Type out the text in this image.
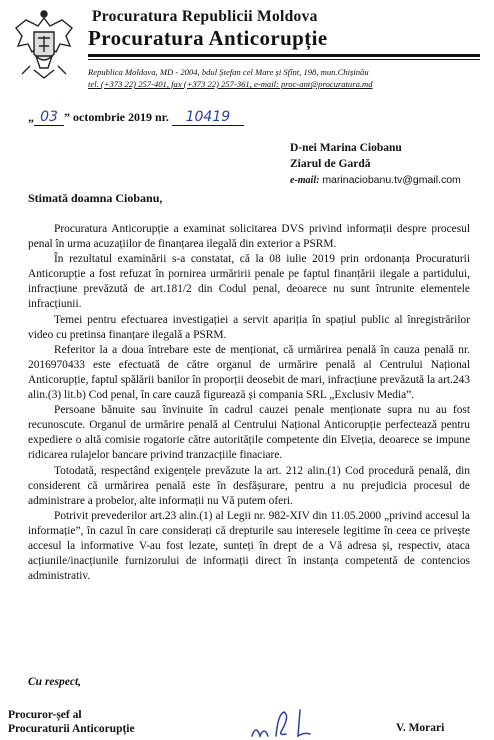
Procuratura Republicii Moldova
Procuratura Anticorupție
Republica Moldova, MD - 2004, bdul Ștefan cel Mare și Sfînt, 198, mun.Chișinău
tel. (+373 22) 257-401, fax (+373 22) 257-361, e-mail: proc-ant@procuratura.md
„ 03 ” octombrie 2019 nr. 10419
D-nei Marina Ciobanu
Ziarul de Gardă
e-mail: marinaciobanu.tv@gmail.com
Stimată doamna Ciobanu,

Procuratura Anticorupție a examinat solicitarea DVS privind informații despre procesul penal în urma acuzațiilor de finanțarea ilegală din exterior a PSRM.

În rezultatul examinării s-a constatat, că la 08 iulie 2019 prin ordonanța Procuraturii Anticorupție a fost refuzat în pornirea urmăririi penale pe faptul finanțării ilegale a partidului, infracțiune prevăzută de art.181/2 din Codul penal, deoarece nu sunt întrunite elementele infracțiunii.

Temei pentru efectuarea investigației a servit apariția în spațiul public al înregistrărilor video cu pretinsa finanțare ilegală a PSRM.

Referitor la a doua întrebare este de menționat, că urmărirea penală în cauza penală nr. 2016970433 este efectuată de către organul de urmărire penală al Centrului Național Anticorupție, faptul spălării banilor în proporții deosebit de mari, infracțiune prevăzută la art.243 alin.(3) lit.b) Cod penal, în care cauză figurează și compania SRL „Exclusiv Media”.

Persoane bănuite sau învinuite în cadrul cauzei penale menționate supra nu au fost recunoscute. Organul de urmărire penală al Centrului Național Anticorupție perfectează pentru expediere o altă comisie rogatorie către autoritățile competente din Elveția, deoarece se impune ridicarea rulajelor bancare privind tranzacțiile finaciare.

Totodată, respectând exigențele prevăzute la art. 212 alin.(1) Cod procedură penală, din considerent că urmărirea penală este în desfășurare, pentru a nu prejudicia procesul de administrare a probelor, alte informații nu Vă putem oferi.

Potrivit prevederilor art.23 alin.(1) al Legii nr. 982-XIV din 11.05.2000 „privind accesul la informație”, în cazul în care considerați că drepturile sau interesele legitime în ceea ce privește accesul la informative V-au fost lezate, sunteți în drept de a Vă adresa și, respectiv, ataca acțiunile/inacțiunile furnizorului de informații direct în instanța competentă de contencios administrativ.

Cu respect,
Procuror-șef al
Procuraturii Anticorupție	V. Morari
